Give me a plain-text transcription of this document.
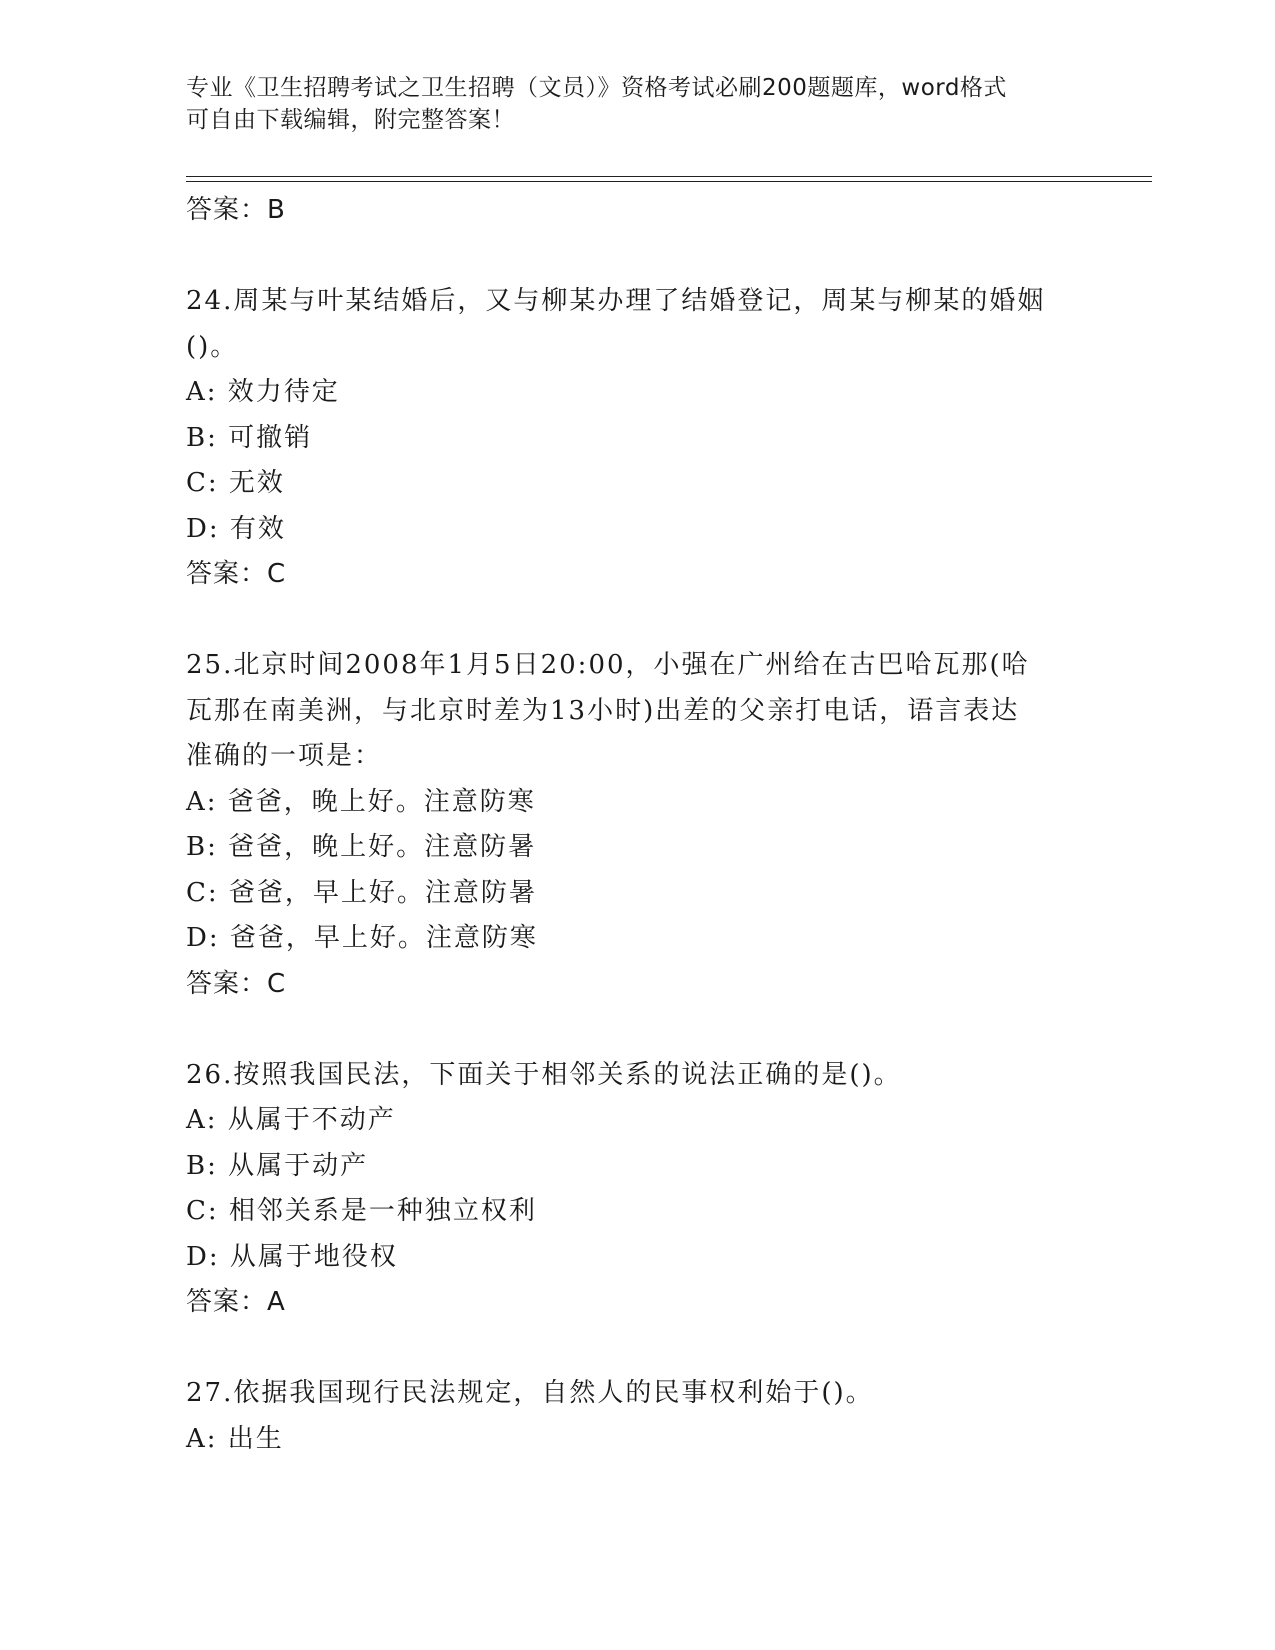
专业《卫生招聘考试之卫生招聘（文员）》资格考试必刷200题题库，word格式
可自由下载编辑，附完整答案！
答案：B
24.周某与叶某结婚后，又与柳某办理了结婚登记，周某与柳某的婚姻
()。
A: 效力待定
B: 可撤销
C: 无效
D: 有效
答案：C
25.北京时间2008年1月5日20:00，小强在广州给在古巴哈瓦那(哈
瓦那在南美洲，与北京时差为13小时)出差的父亲打电话，语言表达
准确的一项是：
A: 爸爸，晚上好。注意防寒
B: 爸爸，晚上好。注意防暑
C: 爸爸，早上好。注意防暑
D: 爸爸，早上好。注意防寒
答案：C
26.按照我国民法，下面关于相邻关系的说法正确的是()。
A: 从属于不动产
B: 从属于动产
C: 相邻关系是一种独立权利
D: 从属于地役权
答案：A
27.依据我国现行民法规定，自然人的民事权利始于()。
A: 出生
